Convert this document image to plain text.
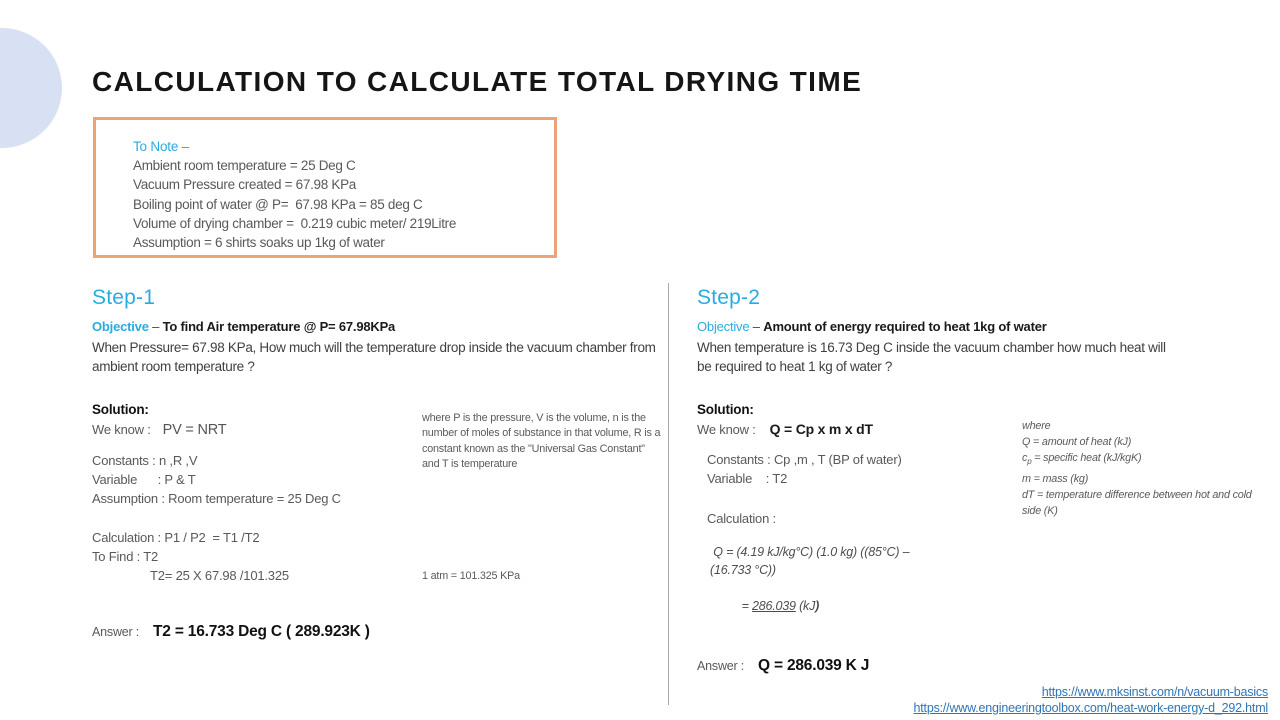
CALCULATION TO CALCULATE TOTAL DRYING TIME
To Note –
Ambient room temperature = 25 Deg C
Vacuum Pressure created = 67.98 KPa
Boiling point of water @ P=  67.98 KPa = 85 deg C
Volume of drying chamber =  0.219 cubic meter/ 219Litre
Assumption = 6 shirts soaks up 1kg of water
Step-1
Objective – To find Air temperature @ P= 67.98KPa
When Pressure= 67.98 KPa, How much will the temperature drop inside the vacuum chamber from ambient room temperature ?
Solution:
We know : PV = NRT
Constants : n ,R ,V
Variable      : P & T
Assumption : Room temperature = 25 Deg C
Calculation : P1 / P2  = T1 /T2
To Find : T2
T2= 25 X 67.98 /101.325
Answer : T2 = 16.733 Deg C ( 289.923K )
where P is the pressure, V is the volume, n is the number of moles of substance in that volume, R is a constant known as the "Universal Gas Constant" and T is temperature
1 atm = 101.325 KPa
Step-2
Objective – Amount of energy required to heat 1kg of water
When temperature is 16.73 Deg C inside the vacuum chamber how much heat will be required to heat 1 kg of water ?
Solution:
We know : Q = Cp x m x dT
Constants : Cp ,m , T (BP of water)
Variable    : T2
Calculation :
Q = (4.19 kJ/kg°C) (1.0 kg) ((85°C) –
(16.733 °C))

= 286.039 (kJ)

Answer : Q = 286.039 K J
where
Q = amount of heat (kJ)
$c_p$ = specific heat (kJ/kgK)
m = mass (kg)
dT = temperature difference between hot and cold side (K)
https://www.mksinst.com/n/vacuum-basics
https://www.engineeringtoolbox.com/heat-work-energy-d_292.html
